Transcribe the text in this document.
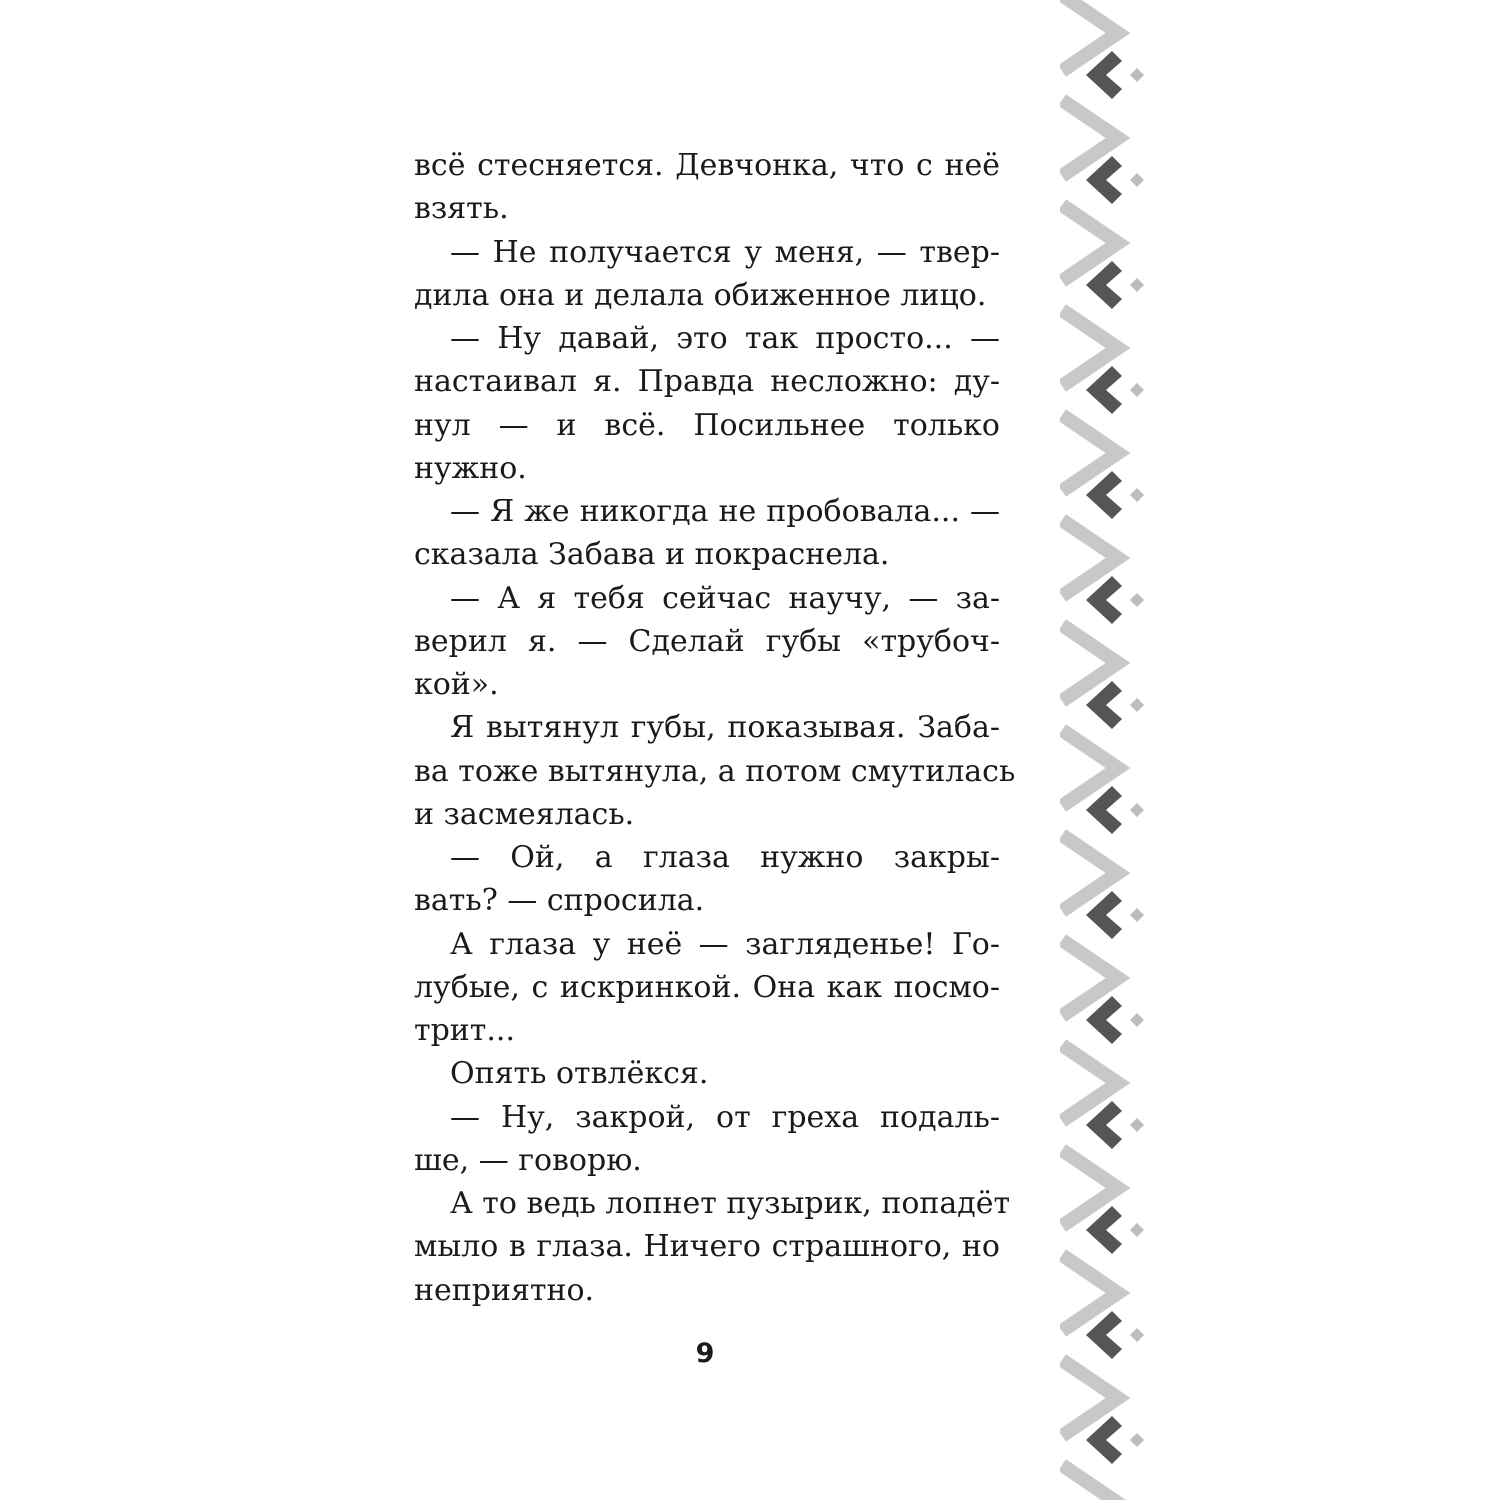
всё стесняется. Девчонка, что с неё
взять.
— Не получается у меня, — твер-
дила она и делала обиженное лицо.
— Ну давай, это так просто... —
настаивал я. Правда несложно: ду-
нул — и всё. Посильнее только
нужно.
— Я же никогда не пробовала... —
сказала Забава и покраснела.
— А я тебя сейчас научу, — за-
верил я. — Сделай губы «трубоч-
кой».
Я вытянул губы, показывая. Заба-
ва тоже вытянула, а потом смутилась
и засмеялась.
— Ой, а глаза нужно закры-
вать? — спросила.
А глаза у неё — загляденье! Го-
лубые, с искринкой. Она как посмо-
трит...
Опять отвлёкся.
— Ну, закрой, от греха подаль-
ше, — говорю.
А то ведь лопнет пузырик, попадёт
мыло в глаза. Ничего страшного, но
неприятно.
9
